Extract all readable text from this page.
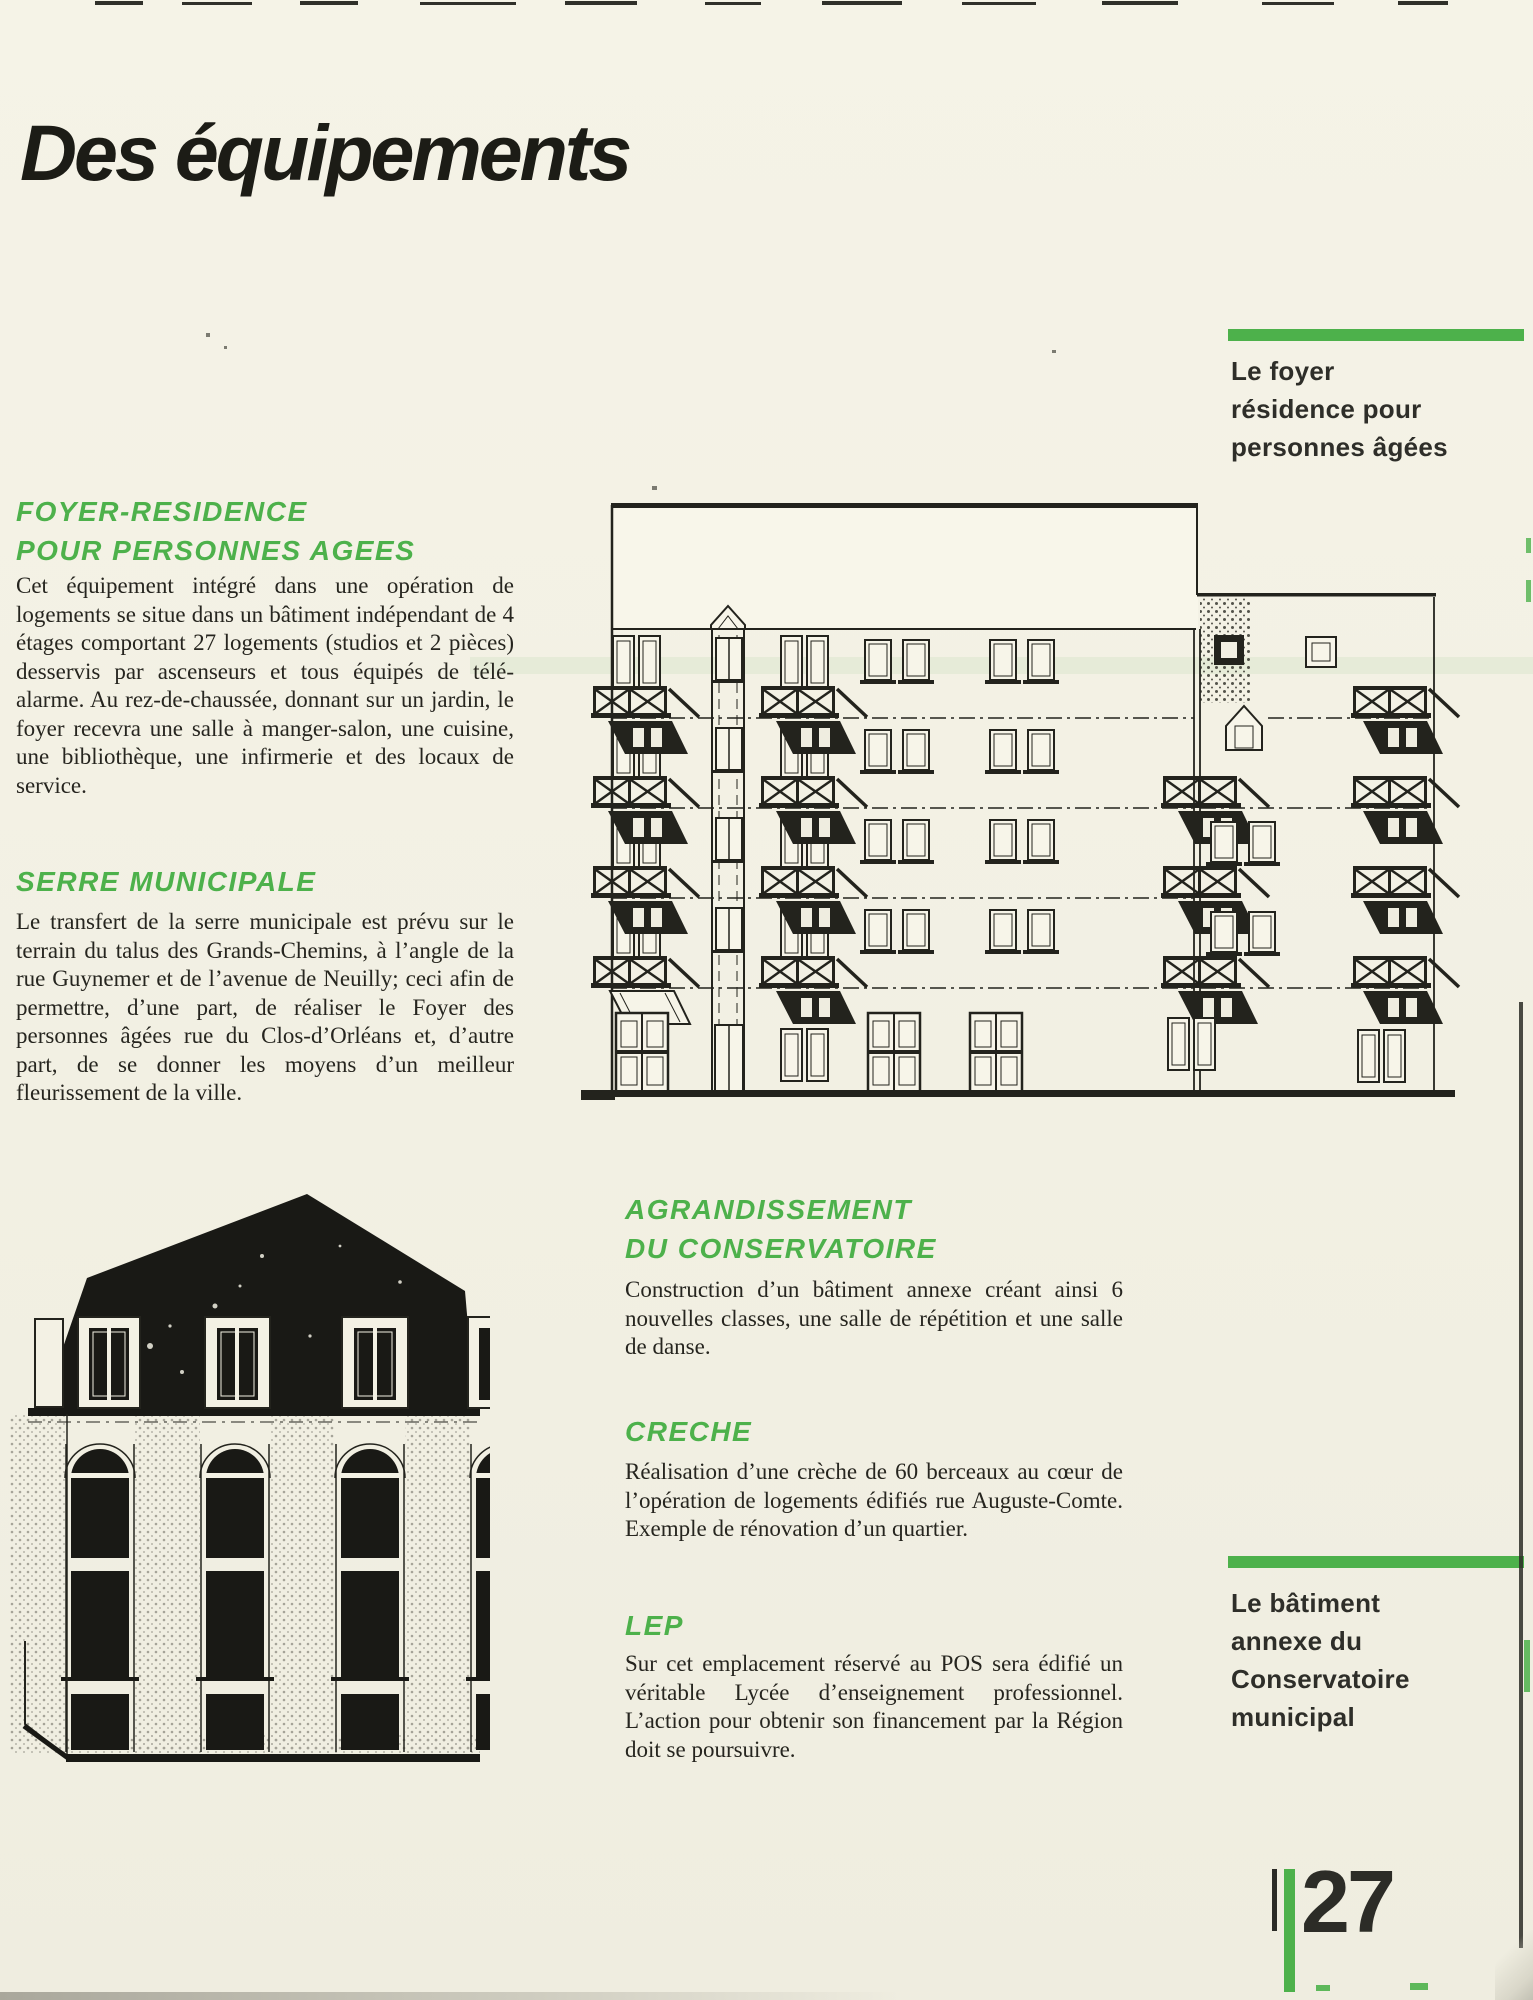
Des équipements
Le foyer
résidence pour
personnes âgées
FOYER-RESIDENCE
POUR PERSONNES AGEES

Cet équipement intégré dans une opération de logements se situe dans un bâtiment indépendant de 4 étages comportant 27 logements (studios et 2 pièces) desservis par ascenseurs et tous équipés de télé-alarme. Au rez-de-chaussée, donnant sur un jardin, le foyer recevra une salle à manger-salon, une cuisine, une bibliothèque, une infirmerie et des locaux de service.

SERRE MUNICIPALE

Le transfert de la serre municipale est prévu sur le terrain du talus des Grands-Chemins, à l’angle de la rue Guynemer et de l’avenue de Neuilly; ceci afin de permettre, d’une part, de réaliser le Foyer des personnes âgées rue du Clos-d’Orléans et, d’autre part, de se donner les moyens d’un meilleur fleurissement de la ville.

AGRANDISSEMENT
DU CONSERVATOIRE

Construction d’un bâtiment annexe créant ainsi 6 nouvelles classes, une salle de répétition et une salle de danse.

CRECHE

Réalisation d’une crèche de 60 berceaux au cœur de l’opération de logements édifiés rue Auguste-Comte. Exemple de rénovation d’un quartier.

LEP

Sur cet emplacement réservé au POS sera édifié un véritable Lycée d’enseignement professionnel. L’action pour obtenir son financement par la Région doit se poursuivre.

Le bâtiment
annexe du
Conservatoire
municipal
27
